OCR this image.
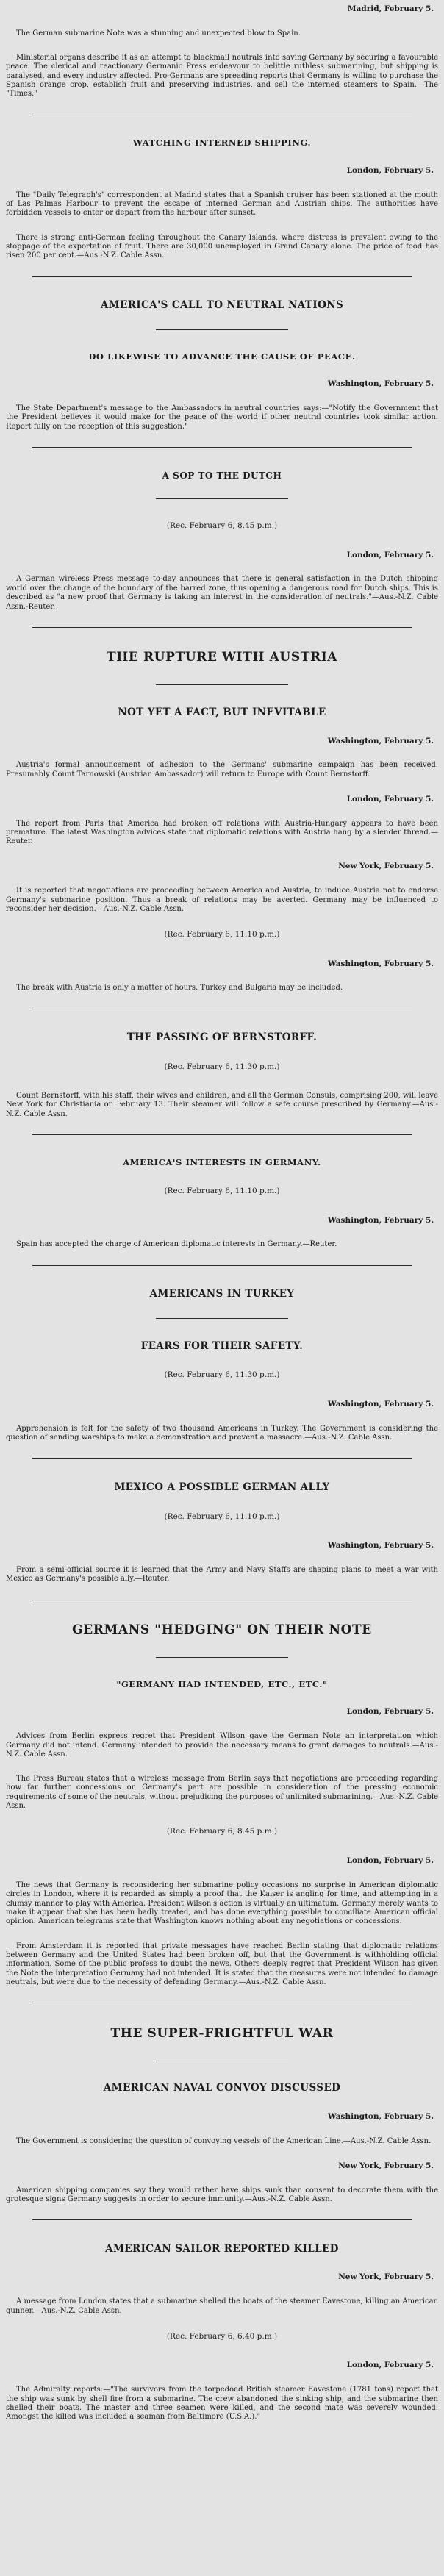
Madrid, February 5.
The German submarine Note was a stunning and unexpected blow to Spain.
Ministerial organs describe it as an attempt to blackmail neutrals into saving Germany by securing a favourable peace. The clerical and reactionary Germanic Press endeavour to belittle ruthless submarining, but shipping is paralysed, and every industry affected. Pro-Germans are spreading reports that Germany is willing to purchase the Spanish orange crop, establish fruit and preserving industries, and sell the interned steamers to Spain.—The "Times."
WATCHING INTERNED SHIPPING.
London, February 5.
The "Daily Telegraph's" correspondent at Madrid states that a Spanish cruiser has been stationed at the mouth of Las Palmas Harbour to prevent the escape of interned German and Austrian ships. The authorities have forbidden vessels to enter or depart from the harbour after sunset.
There is strong anti-German feeling throughout the Canary Islands, where distress is prevalent owing to the stoppage of the exportation of fruit. There are 30,000 unemployed in Grand Canary alone. The price of food has risen 200 per cent.—Aus.-N.Z. Cable Assn.
AMERICA'S CALL TO NEUTRAL NATIONS
DO LIKEWISE TO ADVANCE THE CAUSE OF PEACE.
Washington, February 5.
The State Department's message to the Ambassadors in neutral countries says:—"Notify the Government that the President believes it would make for the peace of the world if other neutral countries took similar action. Report fully on the reception of this suggestion."
A SOP TO THE DUTCH
(Rec. February 6, 8.45 p.m.)
London, February 5.
A German wireless Press message to-day announces that there is general satisfaction in the Dutch shipping world over the change of the boundary of the barred zone, thus opening a dangerous road for Dutch ships. This is described as "a new proof that Germany is taking an interest in the consideration of neutrals."—Aus.-N.Z. Cable Assn.-Reuter.
THE RUPTURE WITH AUSTRIA
NOT YET A FACT, BUT INEVITABLE
Washington, February 5.
Austria's formal announcement of adhesion to the Germans' submarine campaign has been received. Presumably Count Tarnowski (Austrian Ambassador) will return to Europe with Count Bernstorff.
London, February 5.
The report from Paris that America had broken off relations with Austria-Hungary appears to have been premature. The latest Washington advices state that diplomatic relations with Austria hang by a slender thread.—Reuter.
New York, February 5.
It is reported that negotiations are proceeding between America and Austria, to induce Austria not to endorse Germany's submarine position. Thus a break of relations may be averted. Germany may be influenced to reconsider her decision.—Aus.-N.Z. Cable Assn.
(Rec. February 6, 11.10 p.m.)
Washington, February 5.
The break with Austria is only a matter of hours. Turkey and Bulgaria may be included.
THE PASSING OF BERNSTORFF.
(Rec. February 6, 11.30 p.m.)
Count Bernstorff, with his staff, their wives and children, and all the German Consuls, comprising 200, will leave New York for Christiania on February 13. Their steamer will follow a safe course prescribed by Germany.—Aus.-N.Z. Cable Assn.
AMERICA'S INTERESTS IN GERMANY.
(Rec. February 6, 11.10 p.m.)
Washington, February 5.
Spain has accepted the charge of American diplomatic interests in Germany.—Reuter.
AMERICANS IN TURKEY
FEARS FOR THEIR SAFETY.
(Rec. February 6, 11.30 p.m.)
Washington, February 5.
Apprehension is felt for the safety of two thousand Americans in Turkey. The Government is considering the question of sending warships to make a demonstration and prevent a massacre.—Aus.-N.Z. Cable Assn.
MEXICO A POSSIBLE GERMAN ALLY
(Rec. February 6, 11.10 p.m.)
Washington, February 5.
From a semi-official source it is learned that the Army and Navy Staffs are shaping plans to meet a war with Mexico as Germany's possible ally.—Reuter.
GERMANS "HEDGING" ON THEIR NOTE
"GERMANY HAD INTENDED, ETC., ETC."
London, February 5.
Advices from Berlin express regret that President Wilson gave the German Note an interpretation which Germany did not intend. Germany intended to provide the necessary means to grant damages to neutrals.—Aus.-N.Z. Cable Assn.
The Press Bureau states that a wireless message from Berlin says that negotiations are proceeding regarding how far further concessions on Germany's part are possible in consideration of the pressing economic requirements of some of the neutrals, without prejudicing the purposes of unlimited submarining.—Aus.-N.Z. Cable Assn.
(Rec. February 6, 8.45 p.m.)
London, February 5.
The news that Germany is reconsidering her submarine policy occasions no surprise in American diplomatic circles in London, where it is regarded as simply a proof that the Kaiser is angling for time, and attempting in a clumsy manner to play with America. President Wilson's action is virtually an ultimatum. Germany merely wants to make it appear that she has been badly treated, and has done everything possible to conciliate American official opinion. American telegrams state that Washington knows nothing about any negotiations or concessions.
From Amsterdam it is reported that private messages have reached Berlin stating that diplomatic relations between Germany and the United States had been broken off, but that the Government is withholding official information. Some of the public profess to doubt the news. Others deeply regret that President Wilson has given the Note the interpretation Germany had not intended. It is stated that the measures were not intended to damage neutrals, but were due to the necessity of defending Germany.—Aus.-N.Z. Cable Assn.
THE SUPER-FRIGHTFUL WAR
AMERICAN NAVAL CONVOY DISCUSSED
Washington, February 5.
The Government is considering the question of convoying vessels of the American Line.—Aus.-N.Z. Cable Assn.
New York, February 5.
American shipping companies say they would rather have ships sunk than consent to decorate them with the grotesque signs Germany suggests in order to secure immunity.—Aus.-N.Z. Cable Assn.
AMERICAN SAILOR REPORTED KILLED
New York, February 5.
A message from London states that a submarine shelled the boats of the steamer Eavestone, killing an American gunner.—Aus.-N.Z. Cable Assn.
(Rec. February 6, 6.40 p.m.)
London, February 5.
The Admiralty reports:—"The survivors from the torpedoed British steamer Eavestone (1781 tons) report that the ship was sunk by shell fire from a submarine. The crew abandoned the sinking ship, and the submarine then shelled their boats. The master and three seamen were killed, and the second mate was severely wounded. Amongst the killed was included a seaman from Baltimore (U.S.A.)."
